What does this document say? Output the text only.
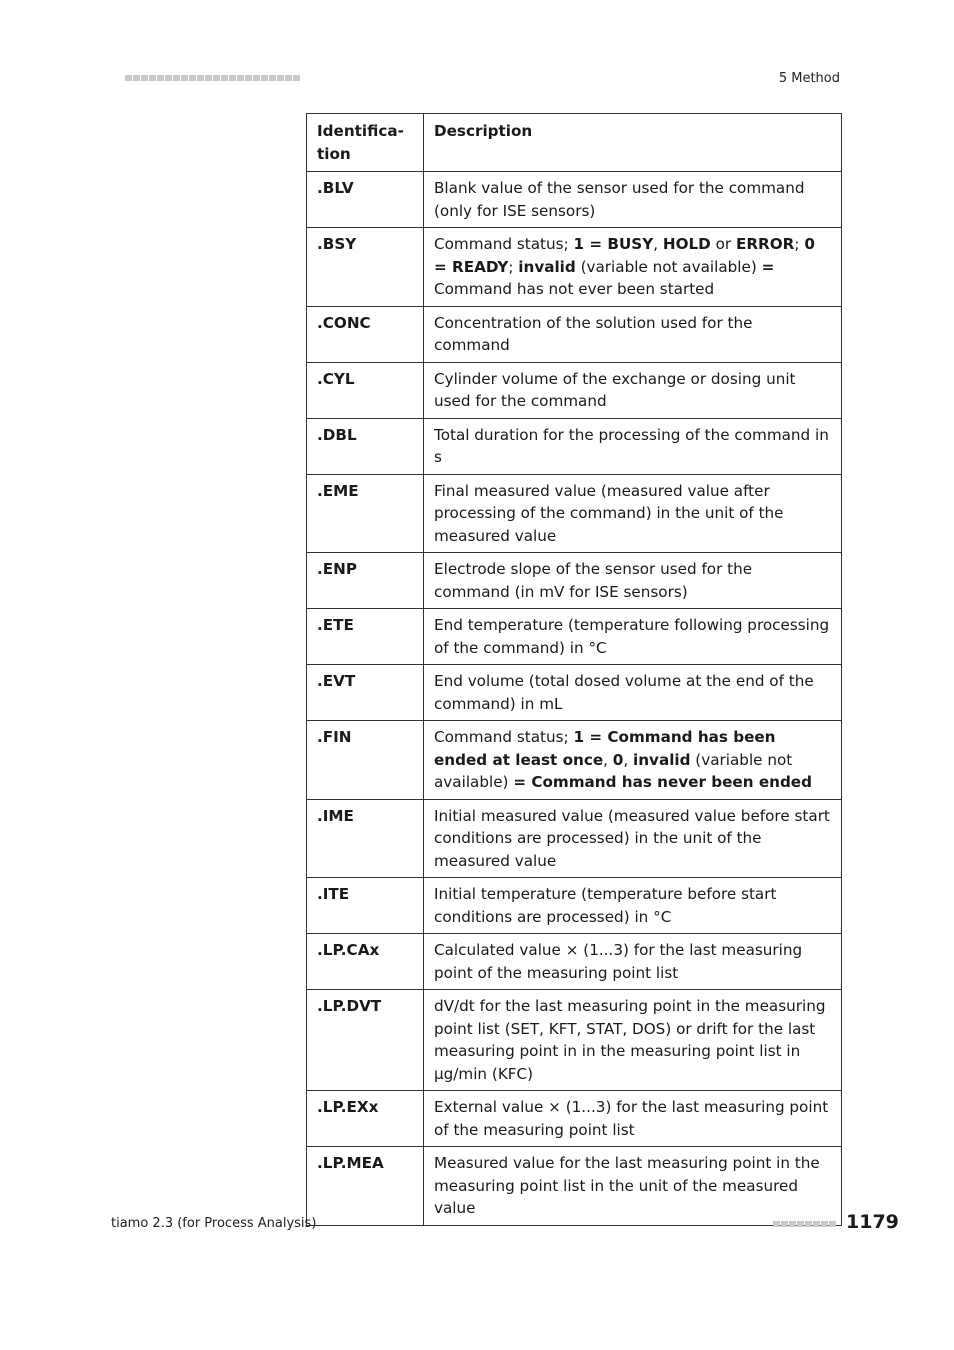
5 Method
Identifica-
tion	Description
.BLV	Blank value of the sensor used for the command (only for ISE sensors)
.BSY	Command status; 1 = BUSY, HOLD or ERROR; 0 = READY; invalid (variable not available) = Command has not ever been started
.CONC	Concentration of the solution used for the command
.CYL	Cylinder volume of the exchange or dosing unit used for the command
.DBL	Total duration for the processing of the command in s
.EME	Final measured value (measured value after processing of the command) in the unit of the measured value
.ENP	Electrode slope of the sensor used for the command (in mV for ISE sensors)
.ETE	End temperature (temperature following processing of the command) in °C
.EVT	End volume (total dosed volume at the end of the command) in mL
.FIN	Command status; 1 = Command has been ended at least once, 0, invalid (variable not available) = Command has never been ended
.IME	Initial measured value (measured value before start conditions are processed) in the unit of the measured value
.ITE	Initial temperature (temperature before start conditions are processed) in °C
.LP.CAx	Calculated value × (1...3) for the last measuring point of the measuring point list
.LP.DVT	dV/dt for the last measuring point in the measuring point list (SET, KFT, STAT, DOS) or drift for the last measuring point in in the measuring point list in µg/min (KFC)
.LP.EXx	External value × (1...3) for the last measuring point of the measuring point list
.LP.MEA	Measured value for the last measuring point in the measuring point list in the unit of the measured value
tiamo 2.3 (for Process Analysis)	1179
